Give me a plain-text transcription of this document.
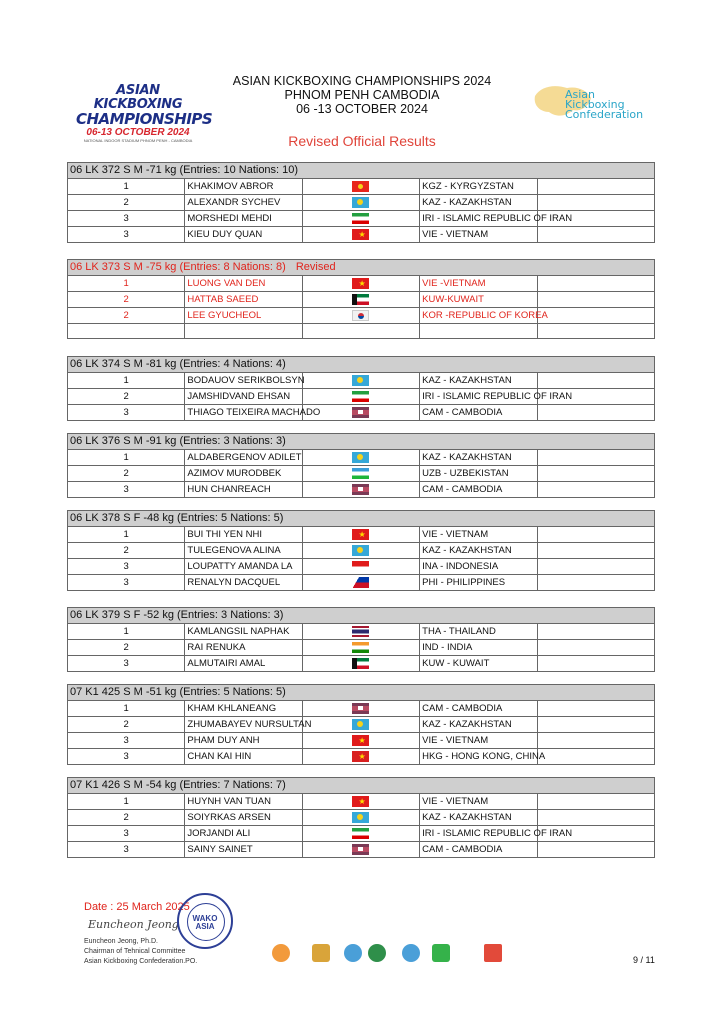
ASIAN KICKBOXING
CHAMPIONSHIPS
06-13 OCTOBER 2024
NATIONAL INDOOR STADIUM PHNOM PENH - CAMBODIA
ASIAN KICKBOXING CHAMPIONSHIPS 2024
PHNOM PENH CAMBODIA
06 -13 OCTOBER 2024
Asian
Kickboxing
Confederation
Revised Official Results
06 LK 372 S M -71 kg (Entries: 10 Nations: 10)				
1	KHAKIMOV ABROR		KGZ - KYRGYZSTAN	
2	ALEXANDR SYCHEV		KAZ - KAZAKHSTAN	
3	MORSHEDI MEHDI		IRI - ISLAMIC REPUBLIC OF IRAN	
3	KIEU DUY QUAN	★	VIE - VIETNAM	
06 LK 373 S M -75 kg (Entries: 8 Nations: 8) Revised				
1	LUONG VAN DEN	★	VIE -VIETNAM	
2	HATTAB SAEED		KUW-KUWAIT	
2	LEE GYUCHEOL		KOR -REPUBLIC OF KOREA	

06 LK 374 S M -81 kg (Entries: 4 Nations: 4)				
1	BODAUOV SERIKBOLSYN		KAZ - KAZAKHSTAN	
2	JAMSHIDVAND EHSAN		IRI - ISLAMIC REPUBLIC OF IRAN	
3	THIAGO TEIXEIRA MACHADO		CAM - CAMBODIA	
06 LK 376 S M -91 kg (Entries: 3 Nations: 3)				
1	ALDABERGENOV ADILET		KAZ - KAZAKHSTAN	
2	AZIMOV MURODBEK		UZB - UZBEKISTAN	
3	HUN CHANREACH		CAM - CAMBODIA	
06 LK 378 S F -48 kg (Entries: 5 Nations: 5)				
1	BUI THI YEN NHI	★	VIE - VIETNAM	
2	TULEGENOVA ALINA		KAZ - KAZAKHSTAN	
3	LOUPATTY AMANDA LA		INA - INDONESIA	
3	RENALYN DACQUEL		PHI - PHILIPPINES	
06 LK 379 S F -52 kg (Entries: 3 Nations: 3)				
1	KAMLANGSIL NAPHAK		THA - THAILAND	
2	RAI RENUKA		IND - INDIA	
3	ALMUTAIRI AMAL		KUW - KUWAIT	
07 K1 425 S M -51 kg (Entries: 5 Nations: 5)				
1	KHAM KHLANEANG		CAM - CAMBODIA	
2	ZHUMABAYEV NURSULTAN		KAZ - KAZAKHSTAN	
3	PHAM DUY ANH	★	VIE - VIETNAM	
3	CHAN KAI HIN	★	HKG - HONG KONG, CHINA	
07 K1 426 S M -54 kg (Entries: 7 Nations: 7)				
1	HUYNH VAN TUAN	★	VIE - VIETNAM	
2	SOIYRKAS ARSEN		KAZ - KAZAKHSTAN	
3	JORJANDI ALI		IRI - ISLAMIC REPUBLIC OF IRAN	
3	SAINY SAINET		CAM - CAMBODIA	
Date : 25 March 2025
Euncheon Jeong
Euncheon Jeong, Ph.D.
Chairman of Tehnical Committee
Asian Kickboxing Confederation.PO.
WAKO
ASIA
9 / 11
